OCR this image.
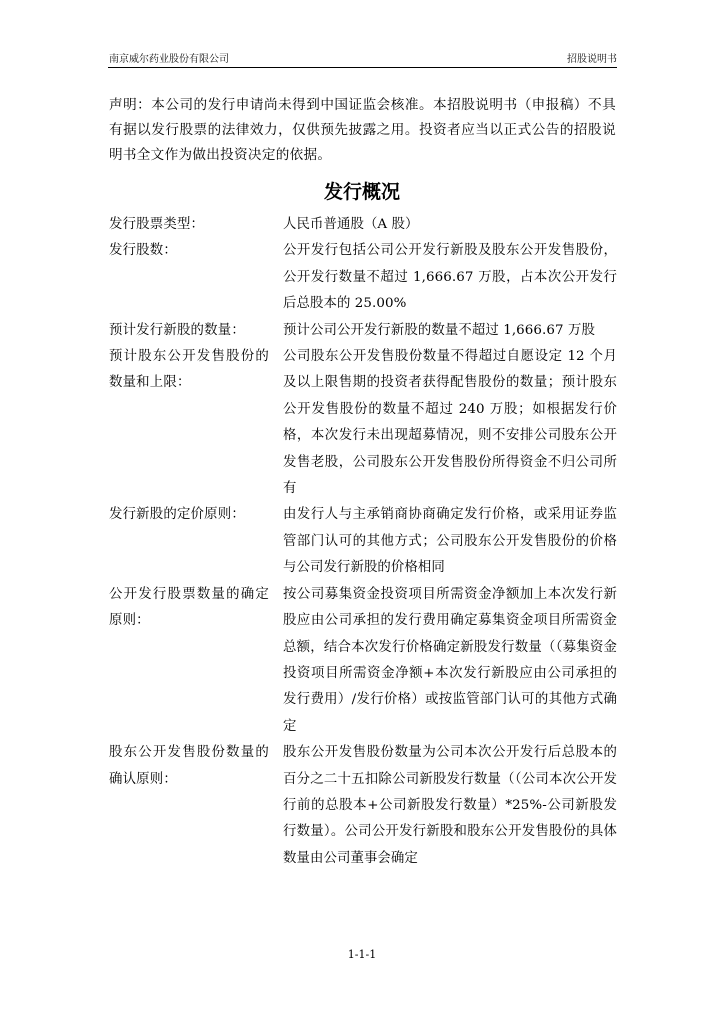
南京威尔药业股份有限公司	招股说明书
声明：本公司的发行申请尚未得到中国证监会核准。本招股说明书（申报稿）不具有据以发行股票的法律效力，仅供预先披露之用。投资者应当以正式公告的招股说明书全文作为做出投资决定的依据。
发行概况
发行股票类型：	人民币普通股（A 股）
发行股数：	公开发行包括公司公开发行新股及股东公开发售股份，公开发行数量不超过 1,666.67 万股，占本次公开发行后总股本的 25.00%
预计发行新股的数量：	预计公司公开发行新股的数量不超过 1,666.67 万股
预计股东公开发售股份的数量和上限：
公司股东公开发售股份数量不得超过自愿设定 12 个月及以上限售期的投资者获得配售股份的数量；预计股东公开发售股份的数量不超过 240 万股；如根据发行价格，本次发行未出现超募情况，则不安排公司股东公开发售老股，公司股东公开发售股份所得资金不归公司所有
发行新股的定价原则：	由发行人与主承销商协商确定发行价格，或采用证券监管部门认可的其他方式；公司股东公开发售股份的价格与公司发行新股的价格相同
公开发行股票数量的确定原则：
按公司募集资金投资项目所需资金净额加上本次发行新股应由公司承担的发行费用确定募集资金项目所需资金总额，结合本次发行价格确定新股发行数量（（募集资金投资项目所需资金净额+本次发行新股应由公司承担的发行费用）/发行价格）或按监管部门认可的其他方式确定
股东公开发售股份数量的确认原则：
股东公开发售股份数量为公司本次公开发行后总股本的百分之二十五扣除公司新股发行数量（（公司本次公开发行前的总股本+公司新股发行数量）*25%-公司新股发行数量）。公司公开发行新股和股东公开发售股份的具体数量由公司董事会确定
1-1-1
